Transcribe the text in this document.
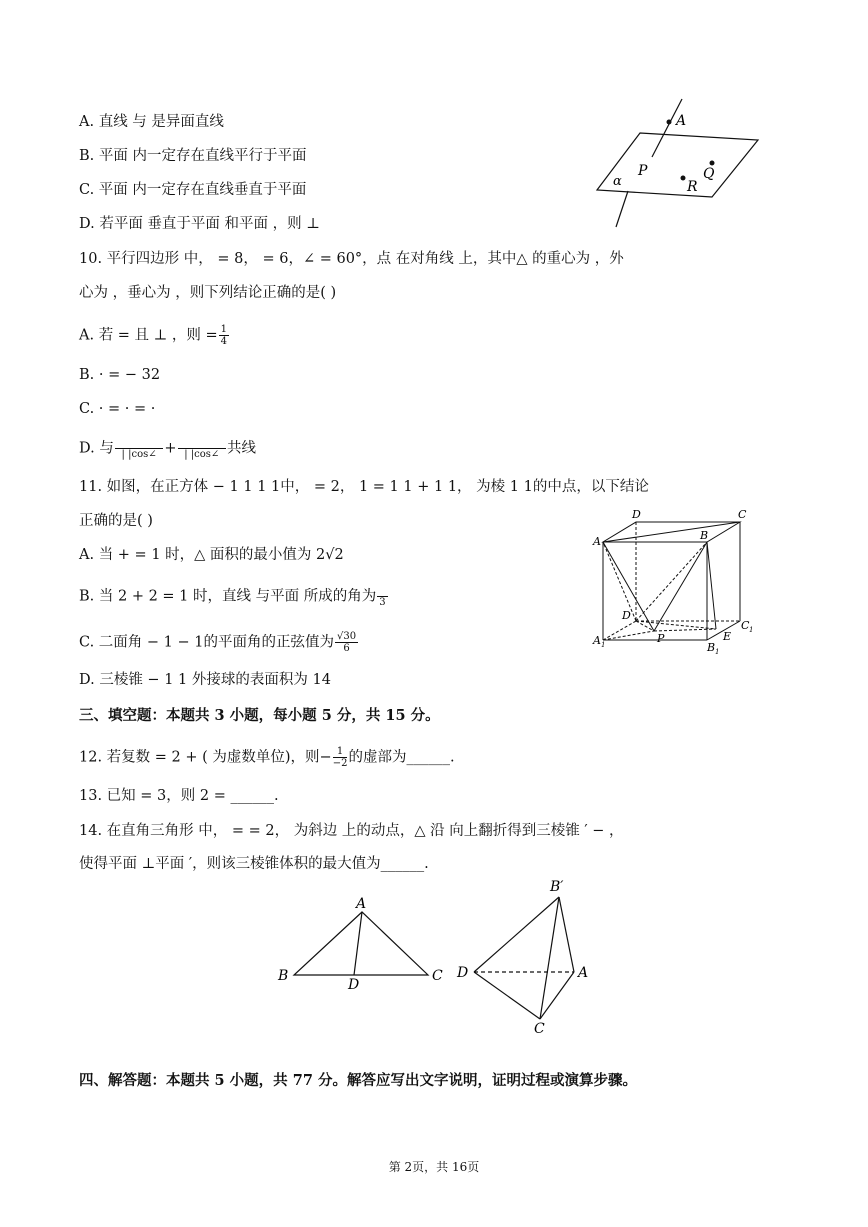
A. 直线 与 是异面直线
B. 平面 内一定存在直线平行于平面
C. 平面 内一定存在直线垂直于平面
D. 若平面 垂直于平面 和平面 ，则 ⊥
A
P	Q
R
α
10. 平行四边形 中， = 8， = 6，∠ = 60°，点 在对角线 上，其中△ 的重心为 ，外
心为 ，垂心为 ，则下列结论正确的是( )
A. 若 = 且 ⊥ ，则 = $\frac{1}{4}$
B. · = − 32
C. · = · = ·
D. 与
| |cos∠ +
| |cos∠ 共线
11. 如图，在正方体 − 1 1 1 1中， = 2， 1 = 1 1 + 1 1， 为棱 1 1的中点，以下结论
正确的是( )
A. 当 + = 1 时，△ 面积的最小值为 2√2
B. 当 2 + 2 = 1 时，直线 与平面 所成的角为
3
C. 二面角 − 1 − 1的平面角的正弦值为 $\frac{√30}{6}$
D. 三棱锥 − 1 1 外接球的表面积为 14
D	C
A	B
D
C 1
A 1	P	E
B 1
三、填空题：本题共 3 小题，每小题 5 分，共 15 分。
12. 若复数 = 2 + ( 为虚数单位)，则− $\frac{1}{-2}$ 的虚部为______.
13. 已知 = 3，则 2 = ______.
14. 在直角三角形 中， = = 2， 为斜边 上的动点，△ 沿 向上翻折得到三棱锥 ′ − ，
使得平面 ⊥平面 ′，则该三棱锥体积的最大值为______.
A
B	C
D
B′
D	A
C
四、解答题：本题共 5 小题，共 77 分。解答应写出文字说明，证明过程或演算步骤。
第 2页，共 16页
